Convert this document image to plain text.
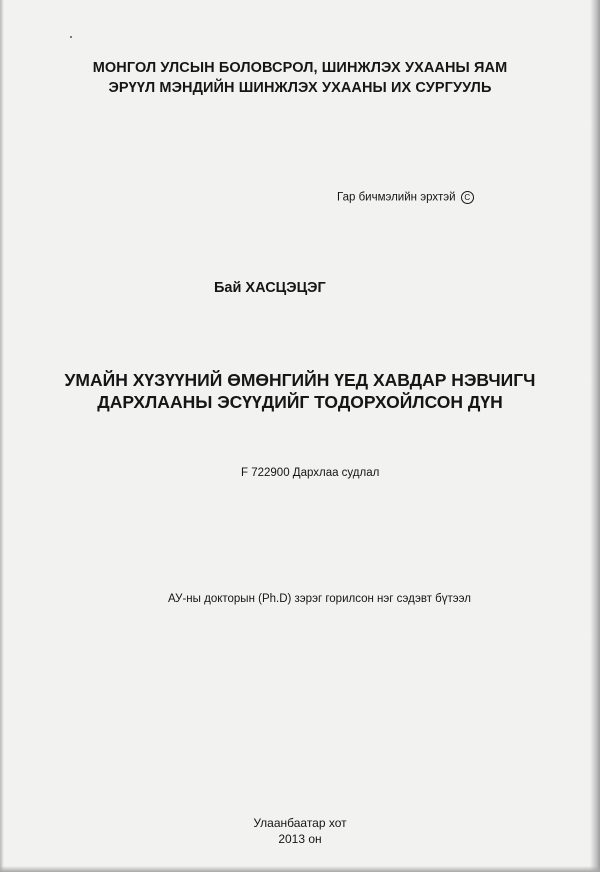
МОНГОЛ УЛСЫН БОЛОВСРОЛ, ШИНЖЛЭХ УХААНЫ ЯАМ
ЭРҮҮЛ МЭНДИЙН ШИНЖЛЭХ УХААНЫ ИХ СУРГУУЛЬ
Гар бичмэлийн эрхтэй C
Бай ХАСЦЭЦЭГ
УМАЙН ХҮЗҮҮНИЙ ӨМӨНГИЙН ҮЕД ХАВДАР НЭВЧИГЧ
ДАРХЛААНЫ ЭСҮҮДИЙГ ТОДОРХОЙЛСОН ДҮН
F 722900 Дархлаа судлал
АУ-ны докторын (Ph.D) зэрэг горилсон нэг сэдэвт бүтээл
Улаанбаатар хот
2013 он
